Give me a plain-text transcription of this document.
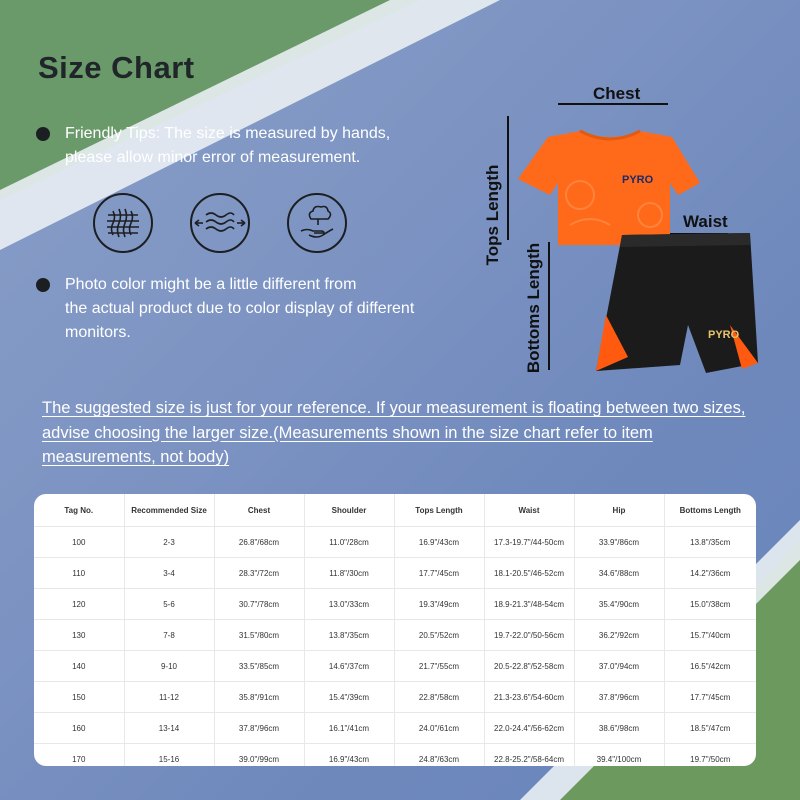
Size Chart
Friendly Tips: The size is measured by hands,
please allow minor error of measurement.
Photo color might be a little different from
the actual product due to color display of different
monitors.
Chest
Waist
Tops Length
Bottoms Length
PYRO
PYRO
The suggested size is just for your reference. If your measurement is floating between two sizes, advise choosing the larger size.(Measurements shown in the size chart refer to item measurements, not body)
Tag No.	Recommended Size	Chest	Shoulder	Tops Length	Waist	Hip	Bottoms Length
100	2-3	26.8"/68cm	11.0"/28cm	16.9"/43cm	17.3-19.7"/44-50cm	33.9"/86cm	13.8"/35cm
110	3-4	28.3"/72cm	11.8"/30cm	17.7"/45cm	18.1-20.5"/46-52cm	34.6"/88cm	14.2"/36cm
120	5-6	30.7"/78cm	13.0"/33cm	19.3"/49cm	18.9-21.3"/48-54cm	35.4"/90cm	15.0"/38cm
130	7-8	31.5"/80cm	13.8"/35cm	20.5"/52cm	19.7-22.0"/50-56cm	36.2"/92cm	15.7"/40cm
140	9-10	33.5"/85cm	14.6"/37cm	21.7"/55cm	20.5-22.8"/52-58cm	37.0"/94cm	16.5"/42cm
150	11-12	35.8"/91cm	15.4"/39cm	22.8"/58cm	21.3-23.6"/54-60cm	37.8"/96cm	17.7"/45cm
160	13-14	37.8"/96cm	16.1"/41cm	24.0"/61cm	22.0-24.4"/56-62cm	38.6"/98cm	18.5"/47cm
170	15-16	39.0"/99cm	16.9"/43cm	24.8"/63cm	22.8-25.2"/58-64cm	39.4"/100cm	19.7"/50cm
